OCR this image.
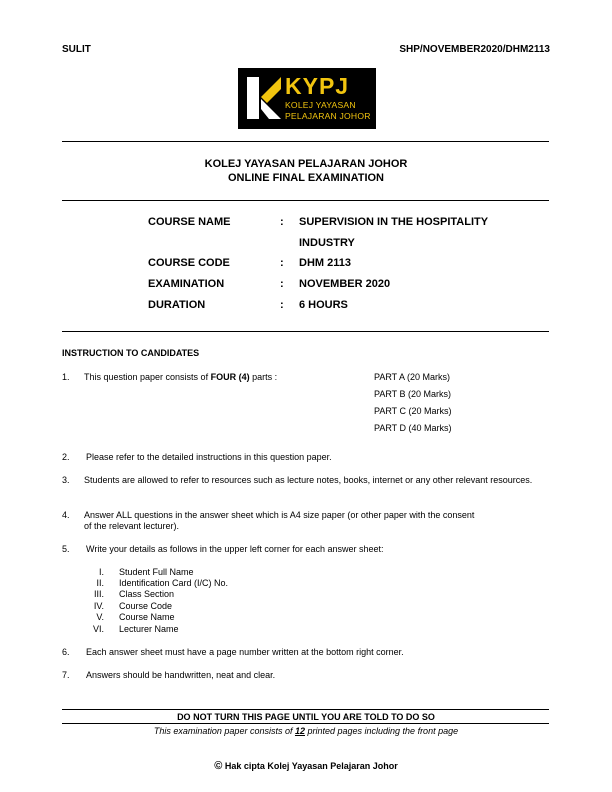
SULIT	SHP/NOVEMBER2020/DHM2113
KYPJ
KOLEJ YAYASAN
PELAJARAN JOHOR
KOLEJ YAYASAN PELAJARAN JOHOR
ONLINE FINAL EXAMINATION
COURSE NAME	: SUPERVISION IN THE HOSPITALITY
INDUSTRY
COURSE CODE	: DHM 2113
EXAMINATION	: NOVEMBER 2020
DURATION	: 6 HOURS
INSTRUCTION TO CANDIDATES
1. This question paper consists of FOUR (4) parts :	PART A (20 Marks)
PART B (20 Marks)
PART C (20 Marks)
PART D (40 Marks)
2. Please refer to the detailed instructions in this question paper.
3. Students are allowed to refer to resources such as lecture notes, books, internet or any other relevant resources.
4. Answer ALL questions in the answer sheet which is A4 size paper (or other paper with the consent
of the relevant lecturer).
5. Write your details as follows in the upper left corner for each answer sheet:
I. Student Full Name
II. Identification Card (I/C) No.
III. Class Section
IV. Course Code
V. Course Name
VI. Lecturer Name
6. Each answer sheet must have a page number written at the bottom right corner.
7. Answers should be handwritten, neat and clear.
DO NOT TURN THIS PAGE UNTIL YOU ARE TOLD TO DO SO
This examination paper consists of 12 printed pages including the front page
© Hak cipta Kolej Yayasan Pelajaran Johor
